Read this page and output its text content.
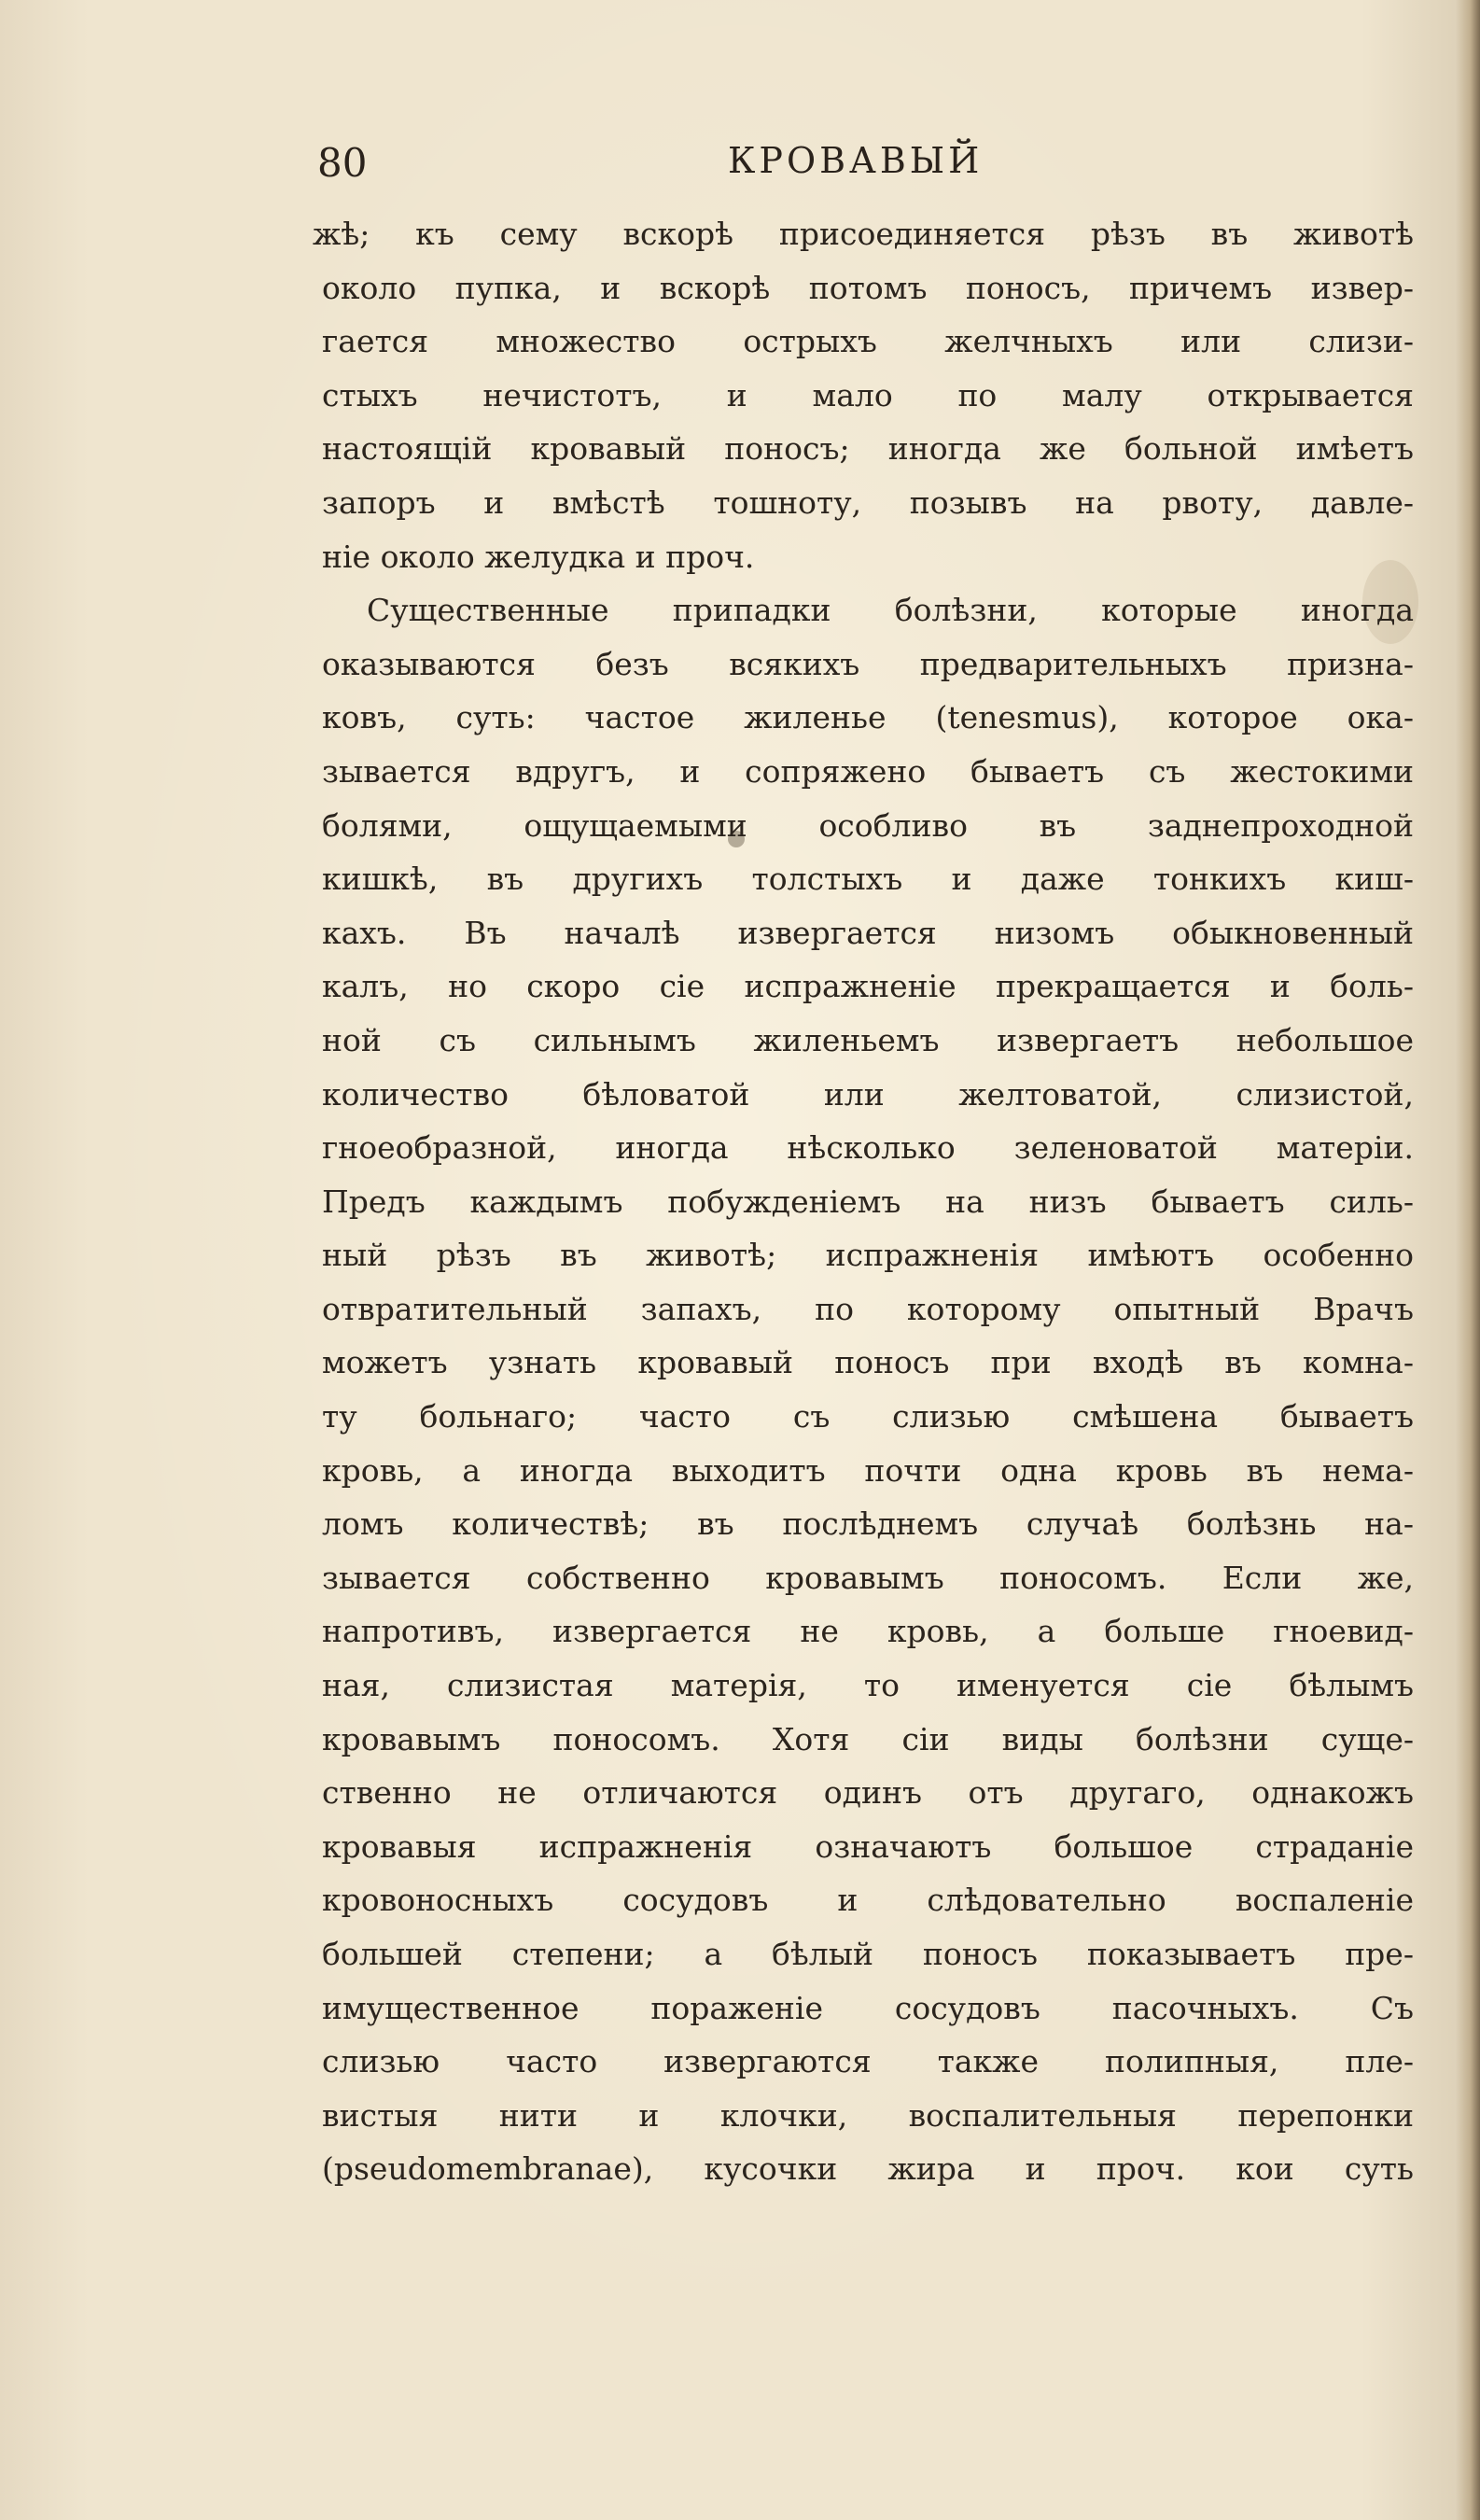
80	КРОВАВЫЙ
жѣ; къ сему вскорѣ присоединяется рѣзъ въ животѣ
около пупка, и вскорѣ потомъ поносъ, причемъ извер-
гается множество острыхъ желчныхъ или слизи-
стыхъ нечистотъ, и мало по малу открывается
настоящій кровавый поносъ; иногда же больной имѣетъ
запоръ и вмѣстѣ тошноту, позывъ на рвоту, давле-
ніе около желудка и проч.
Существенные припадки болѣзни, которые иногда
оказываются безъ всякихъ предварительныхъ призна-
ковъ, суть: частое жиленье (tenesmus), которое ока-
зывается вдругъ, и сопряжено бываетъ съ жестокими
болями, ощущаемыми особливо въ заднепроходной
кишкѣ, въ другихъ толстыхъ и даже тонкихъ киш-
кахъ. Въ началѣ извергается низомъ обыкновенный
калъ, но скоро сіе испражненіе прекращается и боль-
ной съ сильнымъ жиленьемъ извергаетъ небольшое
количество бѣловатой или желтоватой, слизистой,
гноеобразной, иногда нѣсколько зеленоватой матеріи.
Предъ каждымъ побужденіемъ на низъ бываетъ силь-
ный рѣзъ въ животѣ; испражненія имѣютъ особенно
отвратительный запахъ, по которому опытный Врачъ
можетъ узнать кровавый поносъ при входѣ въ комна-
ту больнаго; часто съ слизью смѣшена бываетъ
кровь, а иногда выходитъ почти одна кровь въ нема-
ломъ количествѣ; въ послѣднемъ случаѣ болѣзнь на-
зывается собственно кровавымъ поносомъ. Если же,
напротивъ, извергается не кровь, а больше гноевид-
ная, слизистая матерія, то именуется сіе бѣлымъ
кровавымъ поносомъ. Хотя сіи виды болѣзни суще-
ственно не отличаются одинъ отъ другаго, однакожъ
кровавыя испражненія означаютъ большое страданіе
кровоносныхъ сосудовъ и слѣдовательно воспаленіе
большей степени; а бѣлый поносъ показываетъ пре-
имущественное пораженіе сосудовъ пасочныхъ. Съ
слизью часто извергаются также полипныя, пле-
вистыя нити и клочки, воспалительныя перепонки
(pseudomembranae), кусочки жира и проч. кои суть
